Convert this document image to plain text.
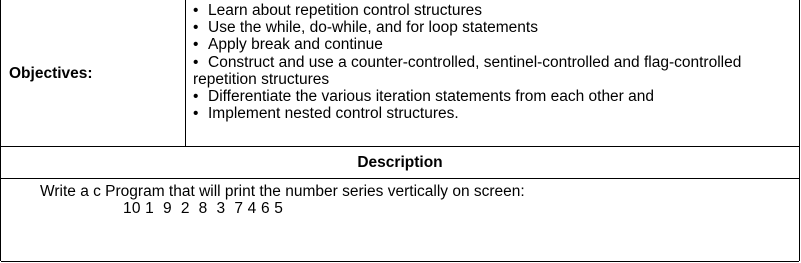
Objectives:
• Learn about repetition control structures
• Use the while, do-while, and for loop statements
• Apply break and continue
• Construct and use a counter-controlled, sentinel-controlled and flag-controlled repetition structures
• Differentiate the various iteration statements from each other and
• Implement nested control structures.
Description
Write a c Program that will print the number series vertically on screen:
10 1  9  2  8  3  7 4 6 5
